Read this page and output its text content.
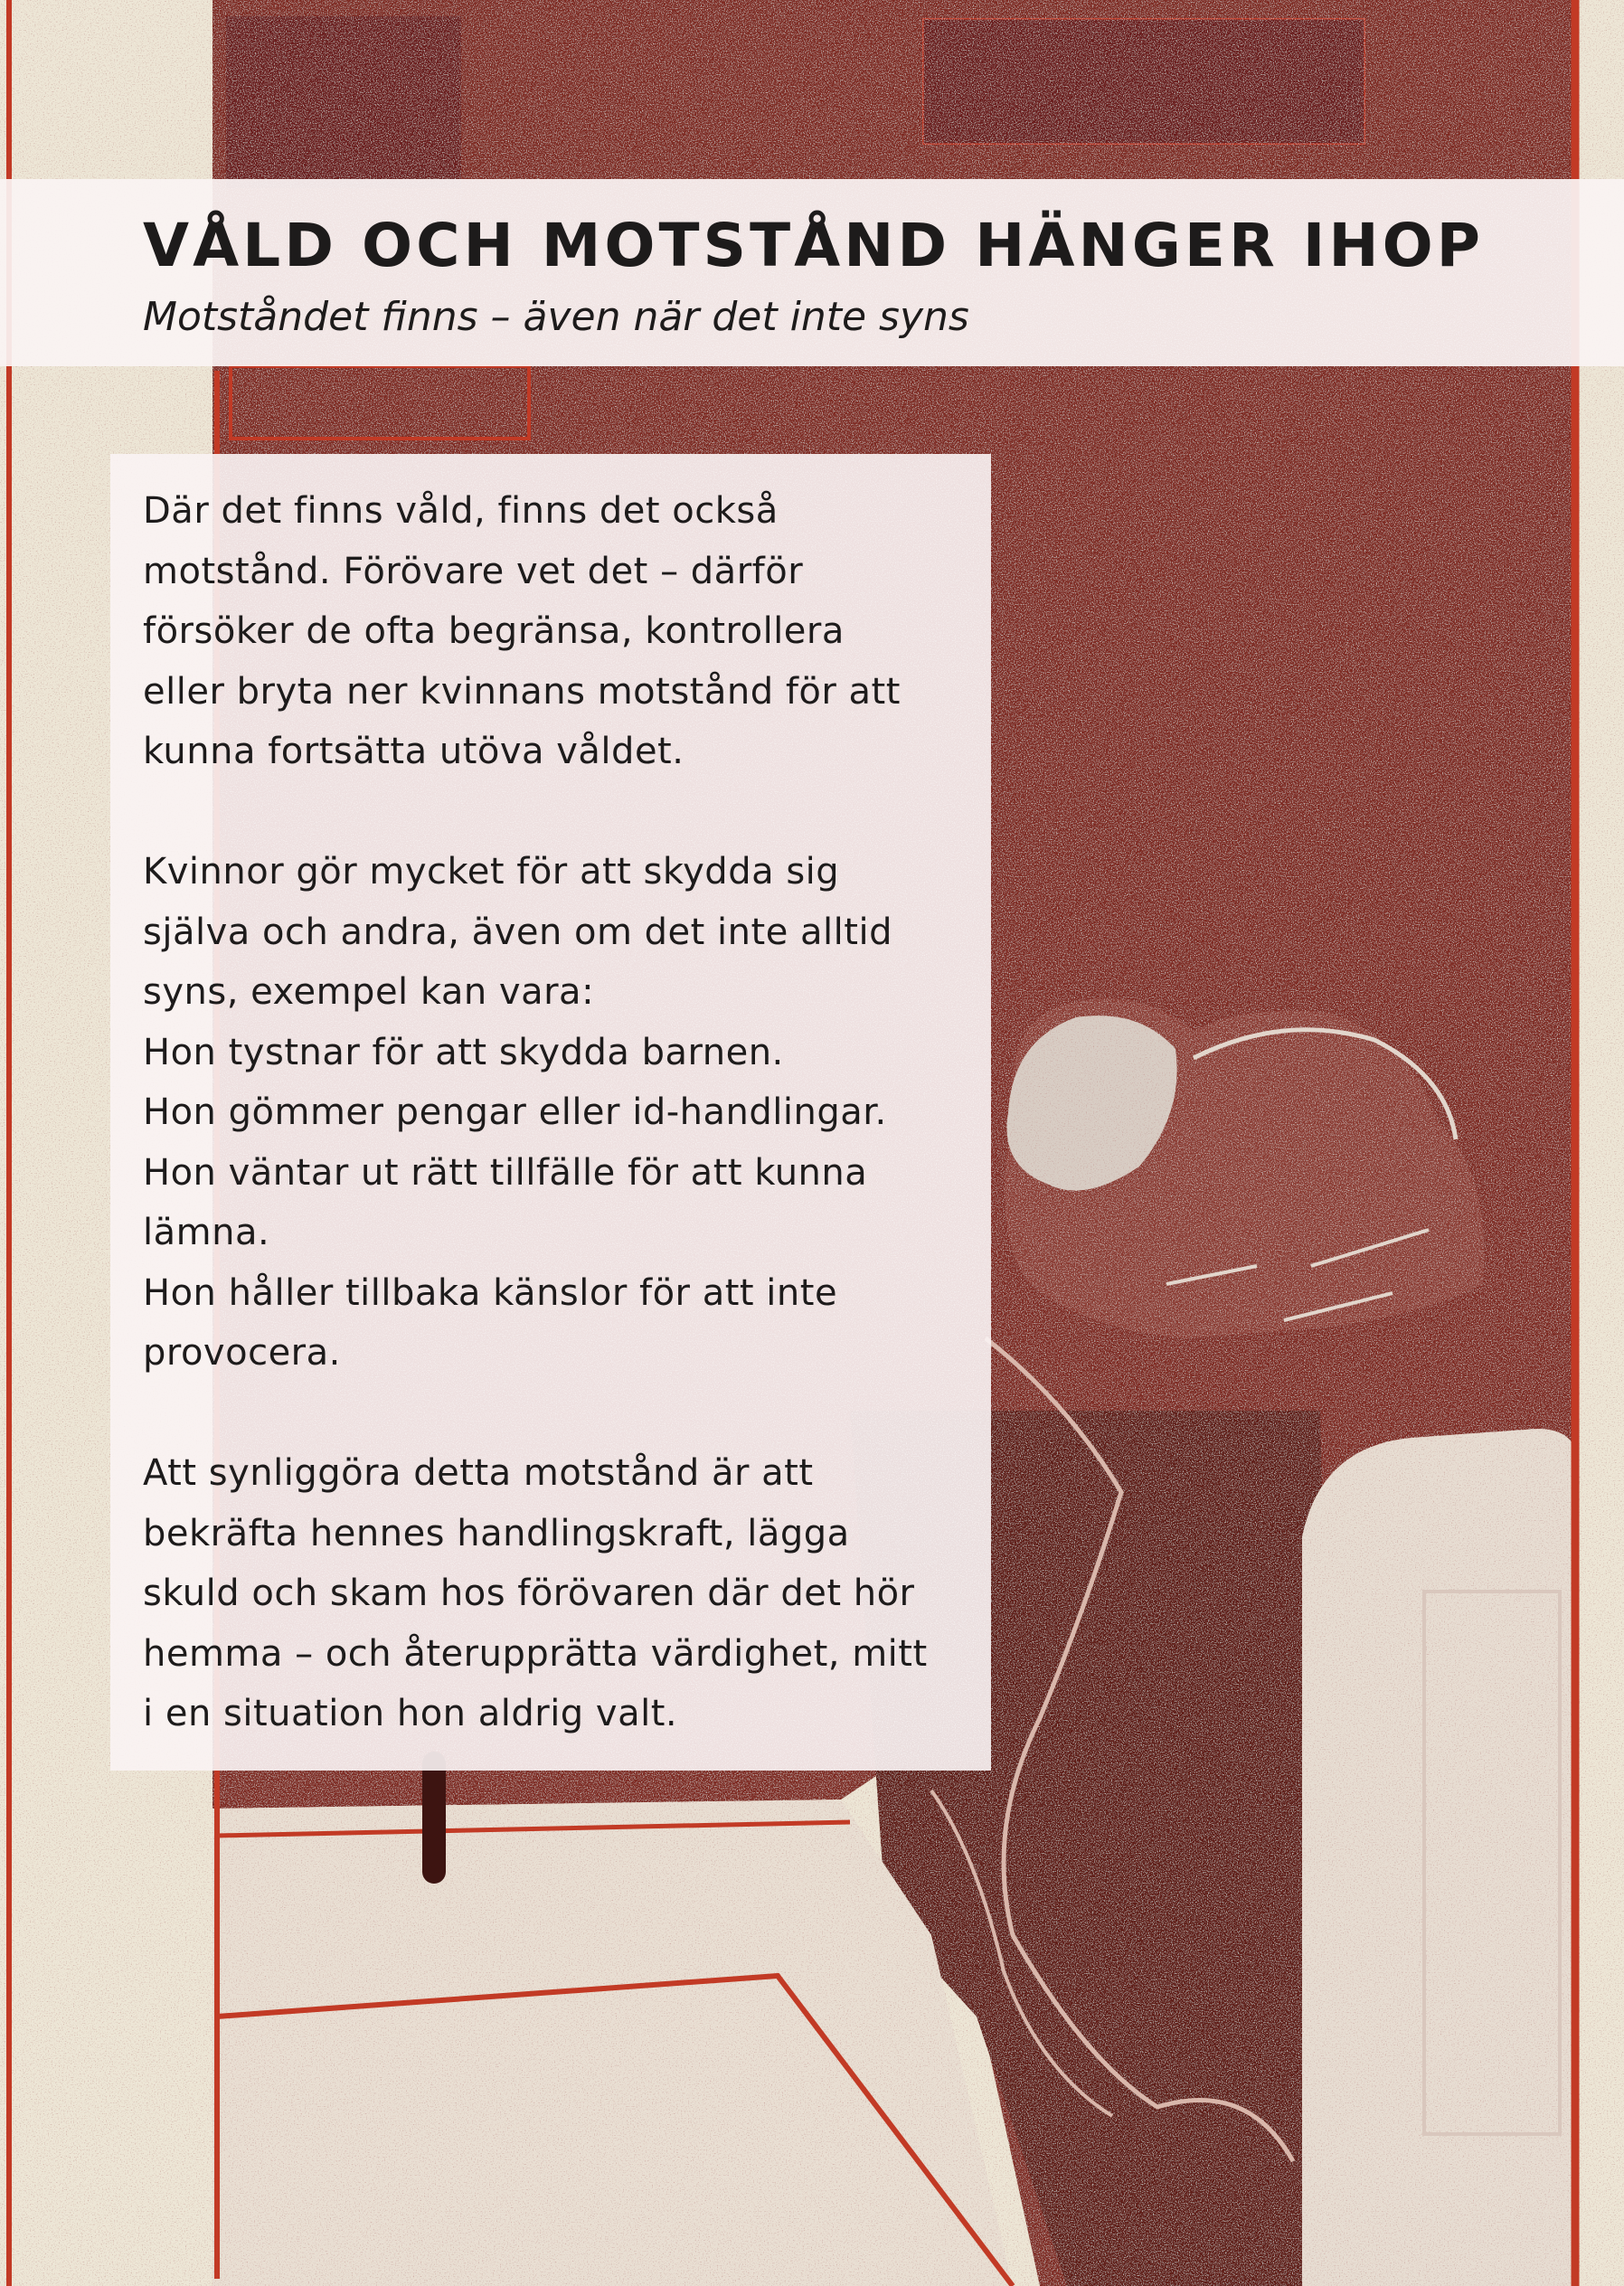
VÅLD OCH MOTSTÅND HÄNGER IHOP

Motståndet finns – även när det inte syns

Där det finns våld, finns det också
motstånd. Förövare vet det – därför
försöker de ofta begränsa, kontrollera
eller bryta ner kvinnans motstånd för att
kunna fortsätta utöva våldet.

Kvinnor gör mycket för att skydda sig
själva och andra, även om det inte alltid
syns, exempel kan vara:
Hon tystnar för att skydda barnen.
Hon gömmer pengar eller id-handlingar.
Hon väntar ut rätt tillfälle för att kunna
lämna.
Hon håller tillbaka känslor för att inte
provocera.

Att synliggöra detta motstånd är att
bekräfta hennes handlingskraft, lägga
skuld och skam hos förövaren där det hör
hemma – och återupprätta värdighet, mitt
i en situation hon aldrig valt.
